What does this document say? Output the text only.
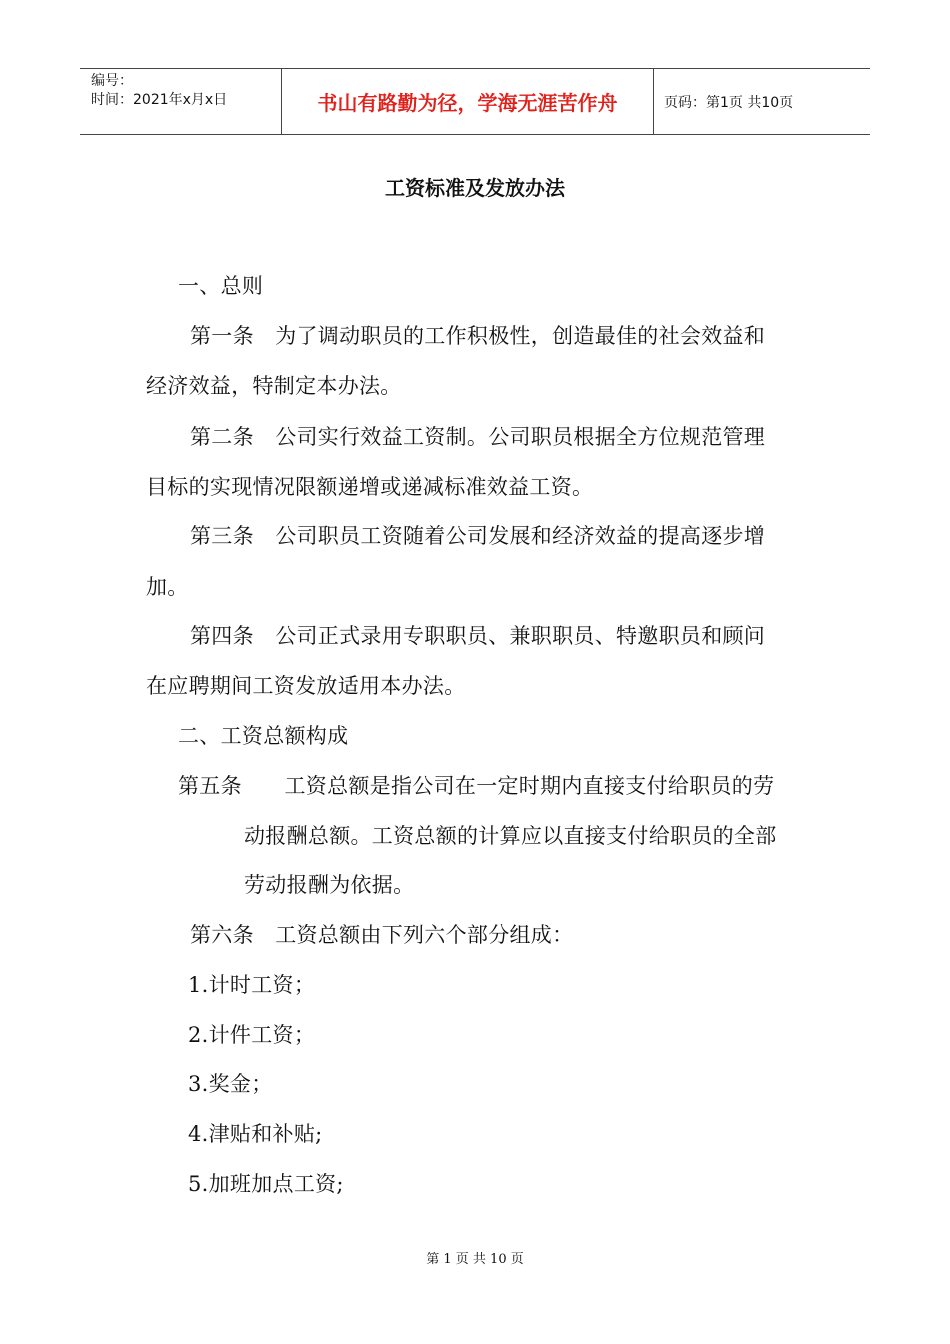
编号：
时间：2021年x月x日	书山有路勤为径，学海无涯苦作舟	页码：第1页 共10页
工资标准及发放办法
一、总则
第一条　为了调动职员的工作积极性，创造最佳的社会效益和
经济效益，特制定本办法。
第二条　公司实行效益工资制。公司职员根据全方位规范管理
目标的实现情况限额递增或递减标准效益工资。
第三条　公司职员工资随着公司发展和经济效益的提高逐步增
加。
第四条　公司正式录用专职职员、兼职职员、特邀职员和顾问
在应聘期间工资发放适用本办法。
二、工资总额构成
第五条　　工资总额是指公司在一定时期内直接支付给职员的劳
动报酬总额。工资总额的计算应以直接支付给职员的全部
劳动报酬为依据。
第六条　工资总额由下列六个部分组成：
1.计时工资；
2.计件工资；
3.奖金；
4.津贴和补贴;
5.加班加点工资;
第 1 页 共 10 页
